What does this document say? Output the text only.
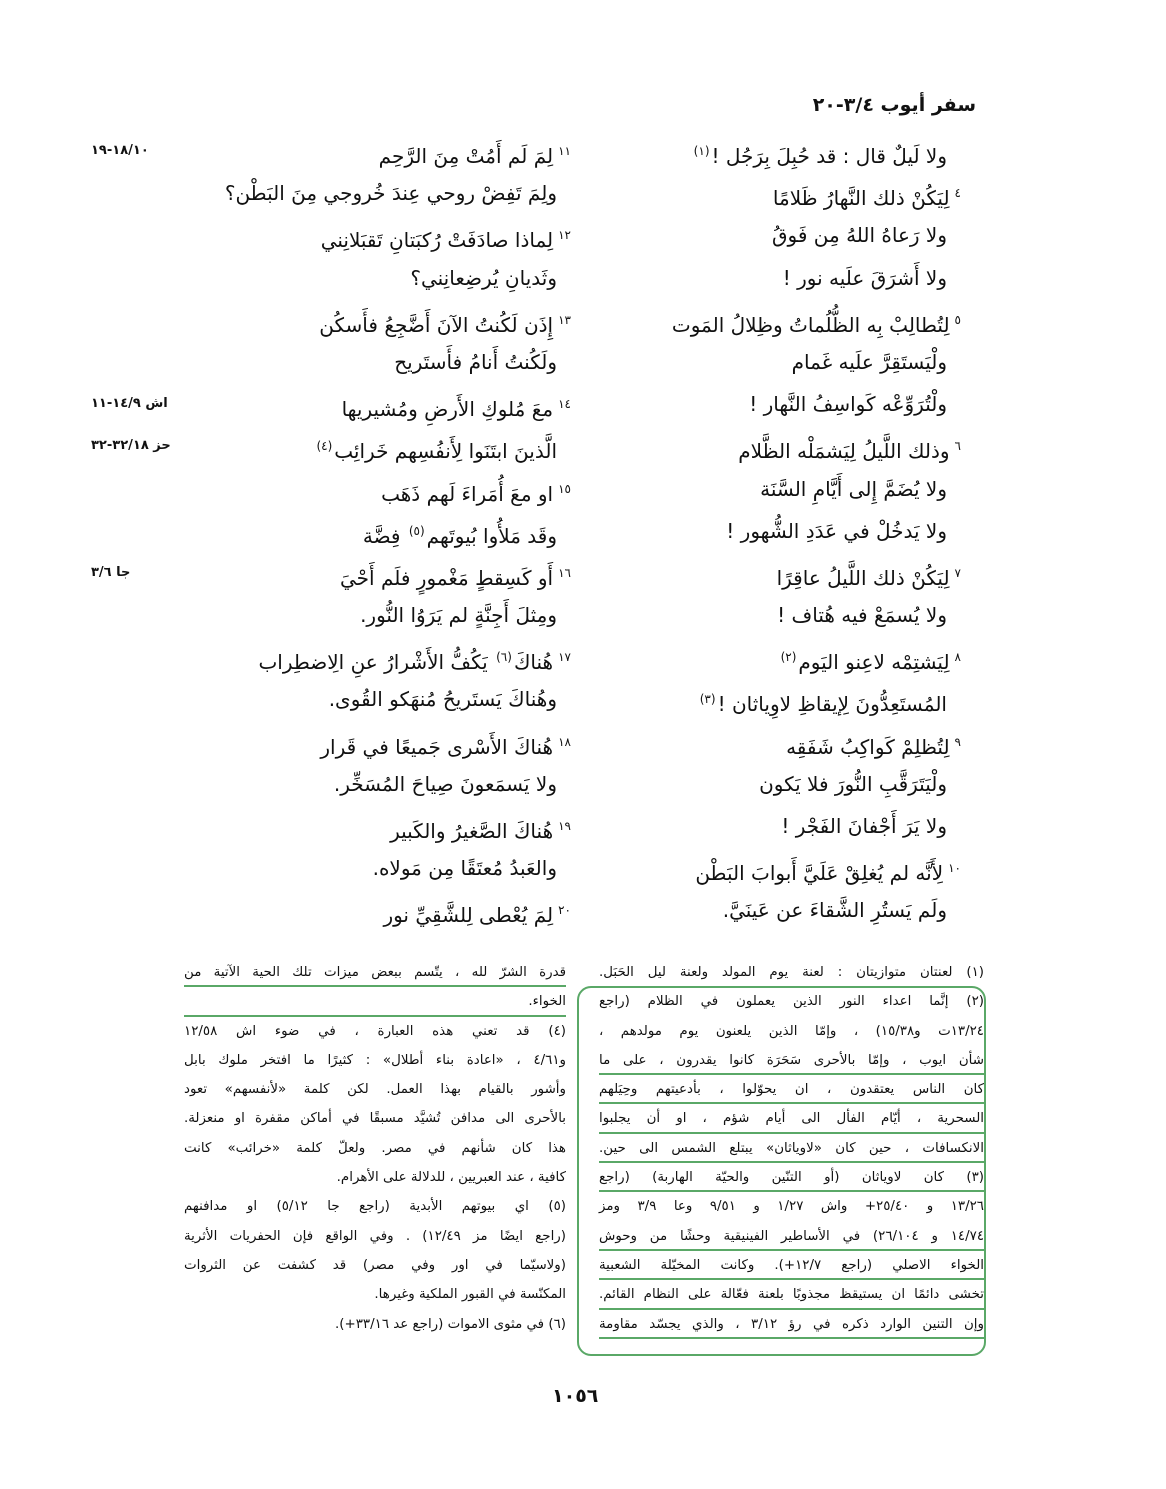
سفر أيوب ٣/٤-٢٠
ولا لَيلٌ قال : قد حُبِلَ بِرَجُل !$^{(١)}$
$^٤$لِيَكُنْ ذلك النَّهارُ ظَلامًا
ولا رَعاهُ اللهُ مِن فَوقُ
ولا أَشرَقَ علَيه نور !
$^٥$لِتُطالِبْ بِه الظُّلُماتُ وظِلالُ المَوت
ولْيَستَقِرَّ علَيه غَمام
ولْتُرَوِّعْه كَواسِفُ النَّهار !
$^٦$وذلك اللَّيلُ لِيَشمَلْه الظَّلام
ولا يُضَمَّ إِلى أَيَّامِ السَّنَة
ولا يَدخُلْ في عَدَدِ الشُّهور !
$^٧$لِيَكُنْ ذلك اللَّيلُ عاقِرًا
ولا يُسمَعْ فيه هُتاف !
$^٨$لِيَشتِمْه لاعِنو اليَوم$^{(٢)}$
المُستَعِدُّونَ لِإيقاظِ لاوِياثان !$^{(٣)}$
$^٩$لِتُظلِمْ كَواكِبُ شَفَقِه
ولْيَتَرَقَّبِ النُّورَ فلا يَكون
ولا يَرَ أَجْفانَ الفَجْر !
$^{١٠}$لِأَنَّه لم يُغلِقْ عَلَيَّ أَبوابَ البَطْن
ولَم يَستُرِ الشَّقاءَ عن عَينَيَّ.
$^{١١}$لِمَ لَم أَمُتْ مِنَ الرَّحِم
١٨/١٠-١٩
ولِمَ تَفِضْ روحي عِندَ خُروجي مِنَ البَطْن؟
$^{١٢}$لِماذا صادَفَتْ رُكبَتانِ تَقبَلانِني
وثَديانِ يُرضِعانِني؟
$^{١٣}$إِذَن لَكُنتُ الآنَ أَضَّجِعُ فأَسكُن
ولَكُنتُ أَنامُ فأَستَريح
$^{١٤}$معَ مُلوكِ الأَرضِ ومُشيريها
اش ١٤/٩-١١
الَّذينَ ابتَنَوا لِأَنفُسِهم خَرائِب$^{(٤)}$
حز ٣٢/١٨-٣٢
$^{١٥}$او معَ أُمَراءَ لَهم ذَهَب
وقَد مَلأُوا بُيوتَهم$^{(٥)}$ فِضَّة
$^{١٦}$أَو كَسِقطٍ مَغْمورٍ فلَم أَحْيَ
جا ٣/٦
ومِثلَ أَجِنَّةٍ لم يَرَوُا النُّور.
$^{١٧}$هُناكَ$^{(٦)}$ يَكُفُّ الأَشْرارُ عنِ الِاضطِراب
وهُناكَ يَستَريحُ مُنهَكو القُوى.
$^{١٨}$هُناكَ الأَسْرى جَميعًا في قَرار
ولا يَسمَعونَ صِياحَ المُسَخِّر.
$^{١٩}$هُناكَ الصَّغيرُ والكَبير
والعَبدُ مُعتَقًا مِن مَولاه.
$^{٢٠}$لِمَ يُعْطى لِلشَّقِيِّ نور
(١) لعنتان متوازيتان : لعنة يوم المولد ولعنة ليل الحَبَل.
(٢) إنَّما اعداء النور الذين يعملون في الظلام (راجع
١٣/٢٤ت و١٥/٣٨) ، وإمّا الذين يلعنون يوم مولدهم ،
شأن ايوب ، وإمّا بالأحرى سَحَرَة كانوا يقدرون ، على ما
كان الناس يعتقدون ، ان يحوّلوا ، بأدعيتهم وحِيَلهم
السحرية ، أيّام الفأل الى أيام شؤم ، او أن يجلبوا
الانكسافات ، حين كان «لاوياثان» يبتلع الشمس الى حين.
(٣) كان لاوياثان (أو التنّين والحيّة الهاربة) (راجع
١٣/٢٦ و ٢٥/٤٠+ واش ١/٢٧ و ٩/٥١ وعا ٣/٩ ومز
١٤/٧٤ و ٢٦/١٠٤) في الأساطير الفينيقية وحشًا من وحوش
الخواء الاصلي (راجع ١٢/٧+). وكانت المخيّلة الشعبية
تخشى دائمًا ان يستيقظ مجذوبًا بلعنة فعّالة على النظام القائم.
وإن التنين الوارد ذكره في رؤ ٣/١٢ ، والذي يجسّد مقاومة
قدرة الشرّ لله ، يتّسم ببعض ميزات تلك الحية الآتية من
الخواء.
(٤) قد تعني هذه العبارة ، في ضوء اش ١٢/٥٨
و٤/٦١ ، «اعادة بناء أطلال» : كثيرًا ما افتخر ملوك بابل
وأشور بالقيام بهذا العمل. لكن كلمة «لأنفسهم» تعود
بالأحرى الى مدافن تُشيَّد مسبقًا في أماكن مقفرة او منعزلة.
هذا كان شأنهم في مصر. ولعلّ كلمة «خرائب» كانت
كافية ، عند العبريين ، للدلالة على الأهرام.
(٥) اي بيوتهم الأبدية (راجع جا ٥/١٢) او مدافنهم
(راجع ايضًا مز ١٢/٤٩) . وفي الواقع فإن الحفريات الأثرية
(ولاسيّما في اور وفي مصر) قد كشفت عن الثروات
المكنّسة في القبور الملكية وغيرها.
(٦) في مثوى الاموات (راجع عد ٣٣/١٦+).
١٠٥٦
